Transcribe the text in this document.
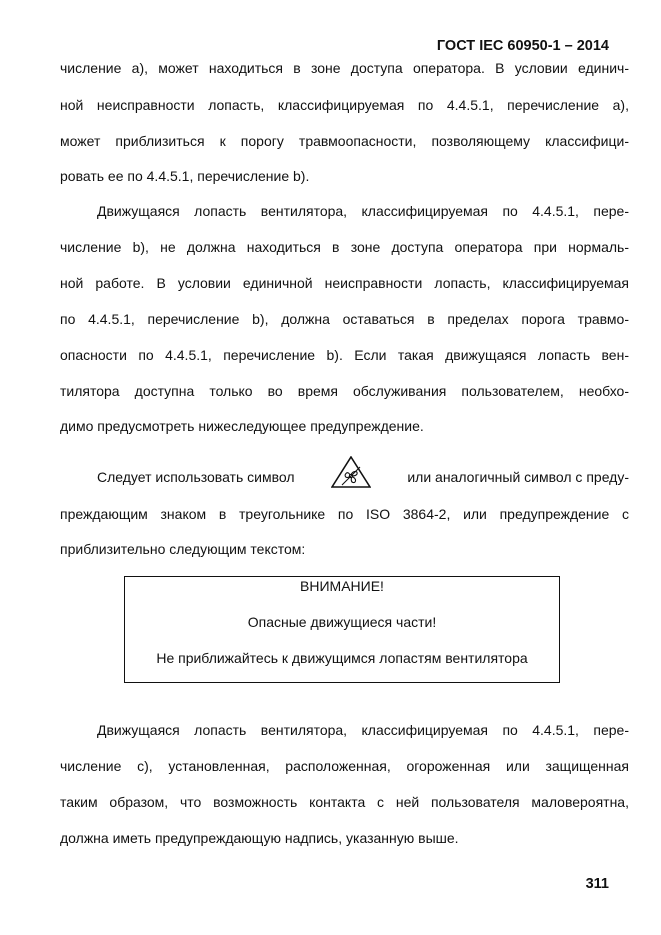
ГОСТ IEC 60950-1 – 2014
числение а), может находиться в зоне доступа оператора. В условии единич-
ной неисправности лопасть, классифицируемая по 4.4.5.1, перечисление а),
может приблизиться к порогу травмоопасности, позволяющему классифици-
ровать ее по 4.4.5.1, перечисление b).
Движущаяся лопасть вентилятора, классифицируемая по 4.4.5.1, пере-
числение b), не должна находиться в зоне доступа оператора при нормаль-
ной работе. В условии единичной неисправности лопасть, классифицируемая
по 4.4.5.1, перечисление b), должна оставаться в пределах порога травмо-
опасности по 4.4.5.1, перечисление b). Если такая движущаяся лопасть вен-
тилятора доступна только во время обслуживания пользователем, необхо-
димо предусмотреть нижеследующее предупреждение.
Следует использовать символ	или аналогичный символ с преду-
преждающим знаком в треугольнике по ISO 3864-2, или предупреждение с
приблизительно следующим текстом:
ВНИМАНИЕ!
Опасные движущиеся части!
Не приближайтесь к движущимся лопастям вентилятора
Движущаяся лопасть вентилятора, классифицируемая по 4.4.5.1, пере-
числение с), установленная, расположенная, огороженная или защищенная
таким образом, что возможность контакта с ней пользователя маловероятна,
должна иметь предупреждающую надпись, указанную выше.
311
